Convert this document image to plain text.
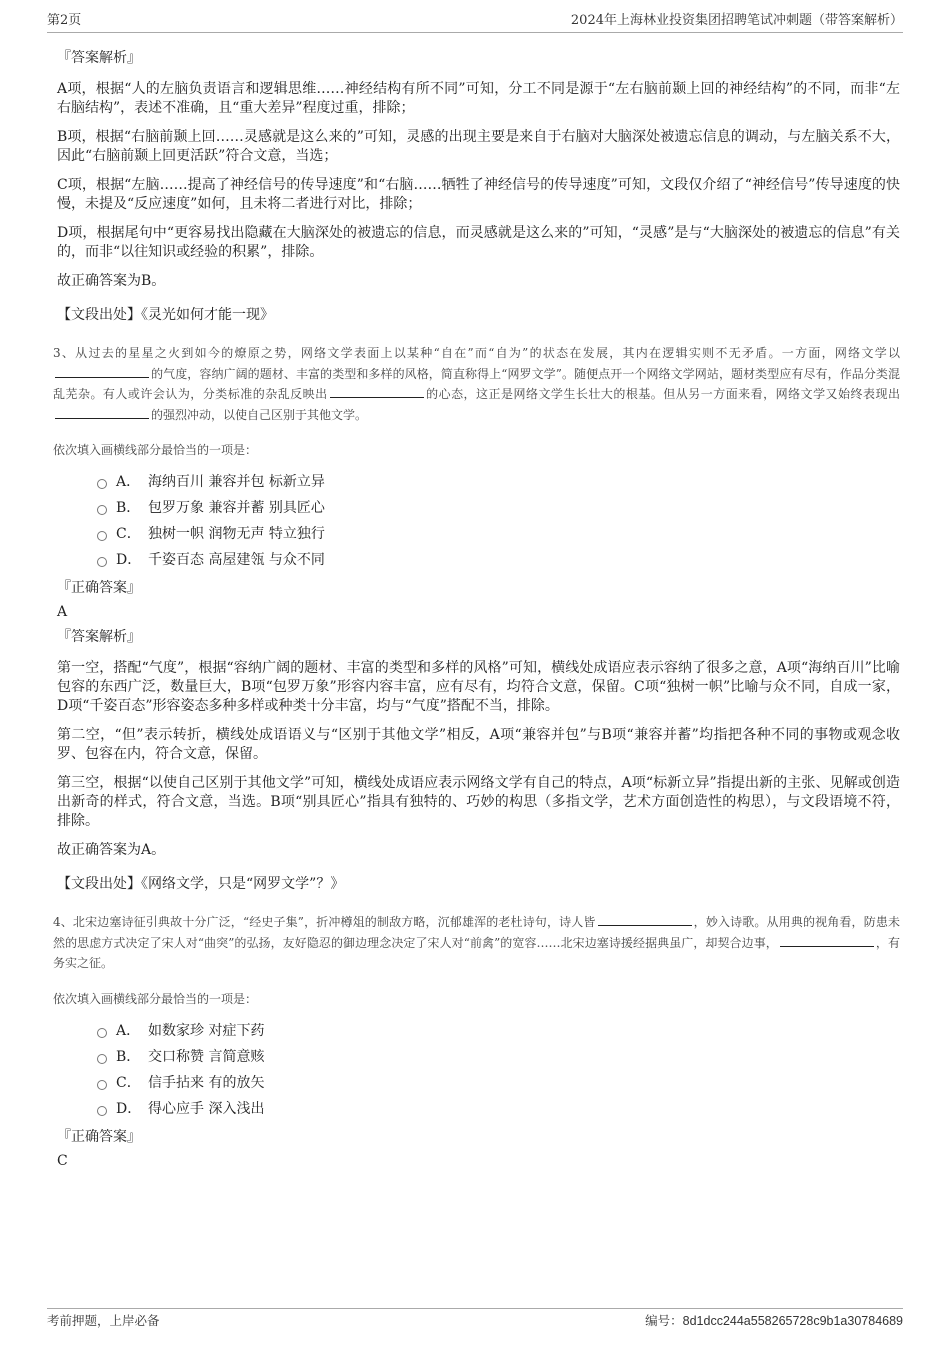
第2页	2024年上海林业投资集团招聘笔试冲刺题（带答案解析）
『答案解析』

A项，根据“人的左脑负责语言和逻辑思维……神经结构有所不同”可知，分工不同是源于“左右脑前颞上回的神经结构”的不同，而非“左右脑结构”，表述不准确，且“重大差异”程度过重，排除；

B项，根据“右脑前颞上回……灵感就是这么来的”可知，灵感的出现主要是来自于右脑对大脑深处被遗忘信息的调动，与左脑关系不大，因此“右脑前颞上回更活跃”符合文意，当选；

C项，根据“左脑……提高了神经信号的传导速度”和“右脑……牺牲了神经信号的传导速度”可知，文段仅介绍了“神经信号”传导速度的快慢，未提及“反应速度”如何，且未将二者进行对比，排除；

D项，根据尾句中“更容易找出隐藏在大脑深处的被遗忘的信息，而灵感就是这么来的”可知，“灵感”是与“大脑深处的被遗忘的信息”有关的，而非“以往知识或经验的积累”，排除。

故正确答案为B。

【文段出处】《灵光如何才能一现》

3、从过去的星星之火到如今的燎原之势，网络文学表面上以某种“自在”而“自为”的状态在发展，其内在逻辑实则不无矛盾。一方面，网络文学以的气度，容纳广阔的题材、丰富的类型和多样的风格，简直称得上“网罗文学”。随便点开一个网络文学网站，题材类型应有尽有，作品分类混乱芜杂。有人或许会认为，分类标准的杂乱反映出	的心态，这正是网络文学生长壮大的根基。但从另一方面来看，网络文学又始终表现出的强烈冲动，以使自己区别于其他文学。

依次填入画横线部分最恰当的一项是：
A． 海纳百川 兼容并包 标新立异
B． 包罗万象 兼容并蓄 别具匠心
C． 独树一帜 润物无声 特立独行
D． 千姿百态 高屋建瓴 与众不同
『正确答案』
A
『答案解析』

第一空，搭配“气度”，根据“容纳广阔的题材、丰富的类型和多样的风格”可知，横线处成语应表示容纳了很多之意，A项“海纳百川”比喻包容的东西广泛，数量巨大，B项“包罗万象”形容内容丰富，应有尽有，均符合文意，保留。C项“独树一帜”比喻与众不同，自成一家，D项“千姿百态”形容姿态多种多样或种类十分丰富，均与“气度”搭配不当，排除。

第二空，“但”表示转折，横线处成语语义与“区别于其他文学”相反，A项“兼容并包”与B项“兼容并蓄”均指把各种不同的事物或观念收罗、包容在内，符合文意，保留。

第三空，根据“以使自己区别于其他文学”可知，横线处成语应表示网络文学有自己的特点，A项“标新立异”指提出新的主张、见解或创造出新奇的样式，符合文意，当选。B项“别具匠心”指具有独特的、巧妙的构思（多指文学，艺术方面创造性的构思），与文段语境不符，排除。

故正确答案为A。

【文段出处】《网络文学，只是“网罗文学”？》

4、北宋边塞诗征引典故十分广泛，“经史子集”，折冲樽俎的制敌方略，沉郁雄浑的老杜诗句，诗人皆	，妙入诗歌。从用典的视角看，防患未然的思虑方式决定了宋人对“曲突”的弘扬，友好隐忍的御边理念决定了宋人对“前禽”的宽容……北宋边塞诗援经据典虽广，却契合边事，	，有务实之征。

依次填入画横线部分最恰当的一项是：
A． 如数家珍 对症下药
B． 交口称赞 言简意赅
C． 信手拈来 有的放矢
D． 得心应手 深入浅出
『正确答案』
C
考前押题，上岸必备	编号：8d1dcc244a558265728c9b1a30784689
